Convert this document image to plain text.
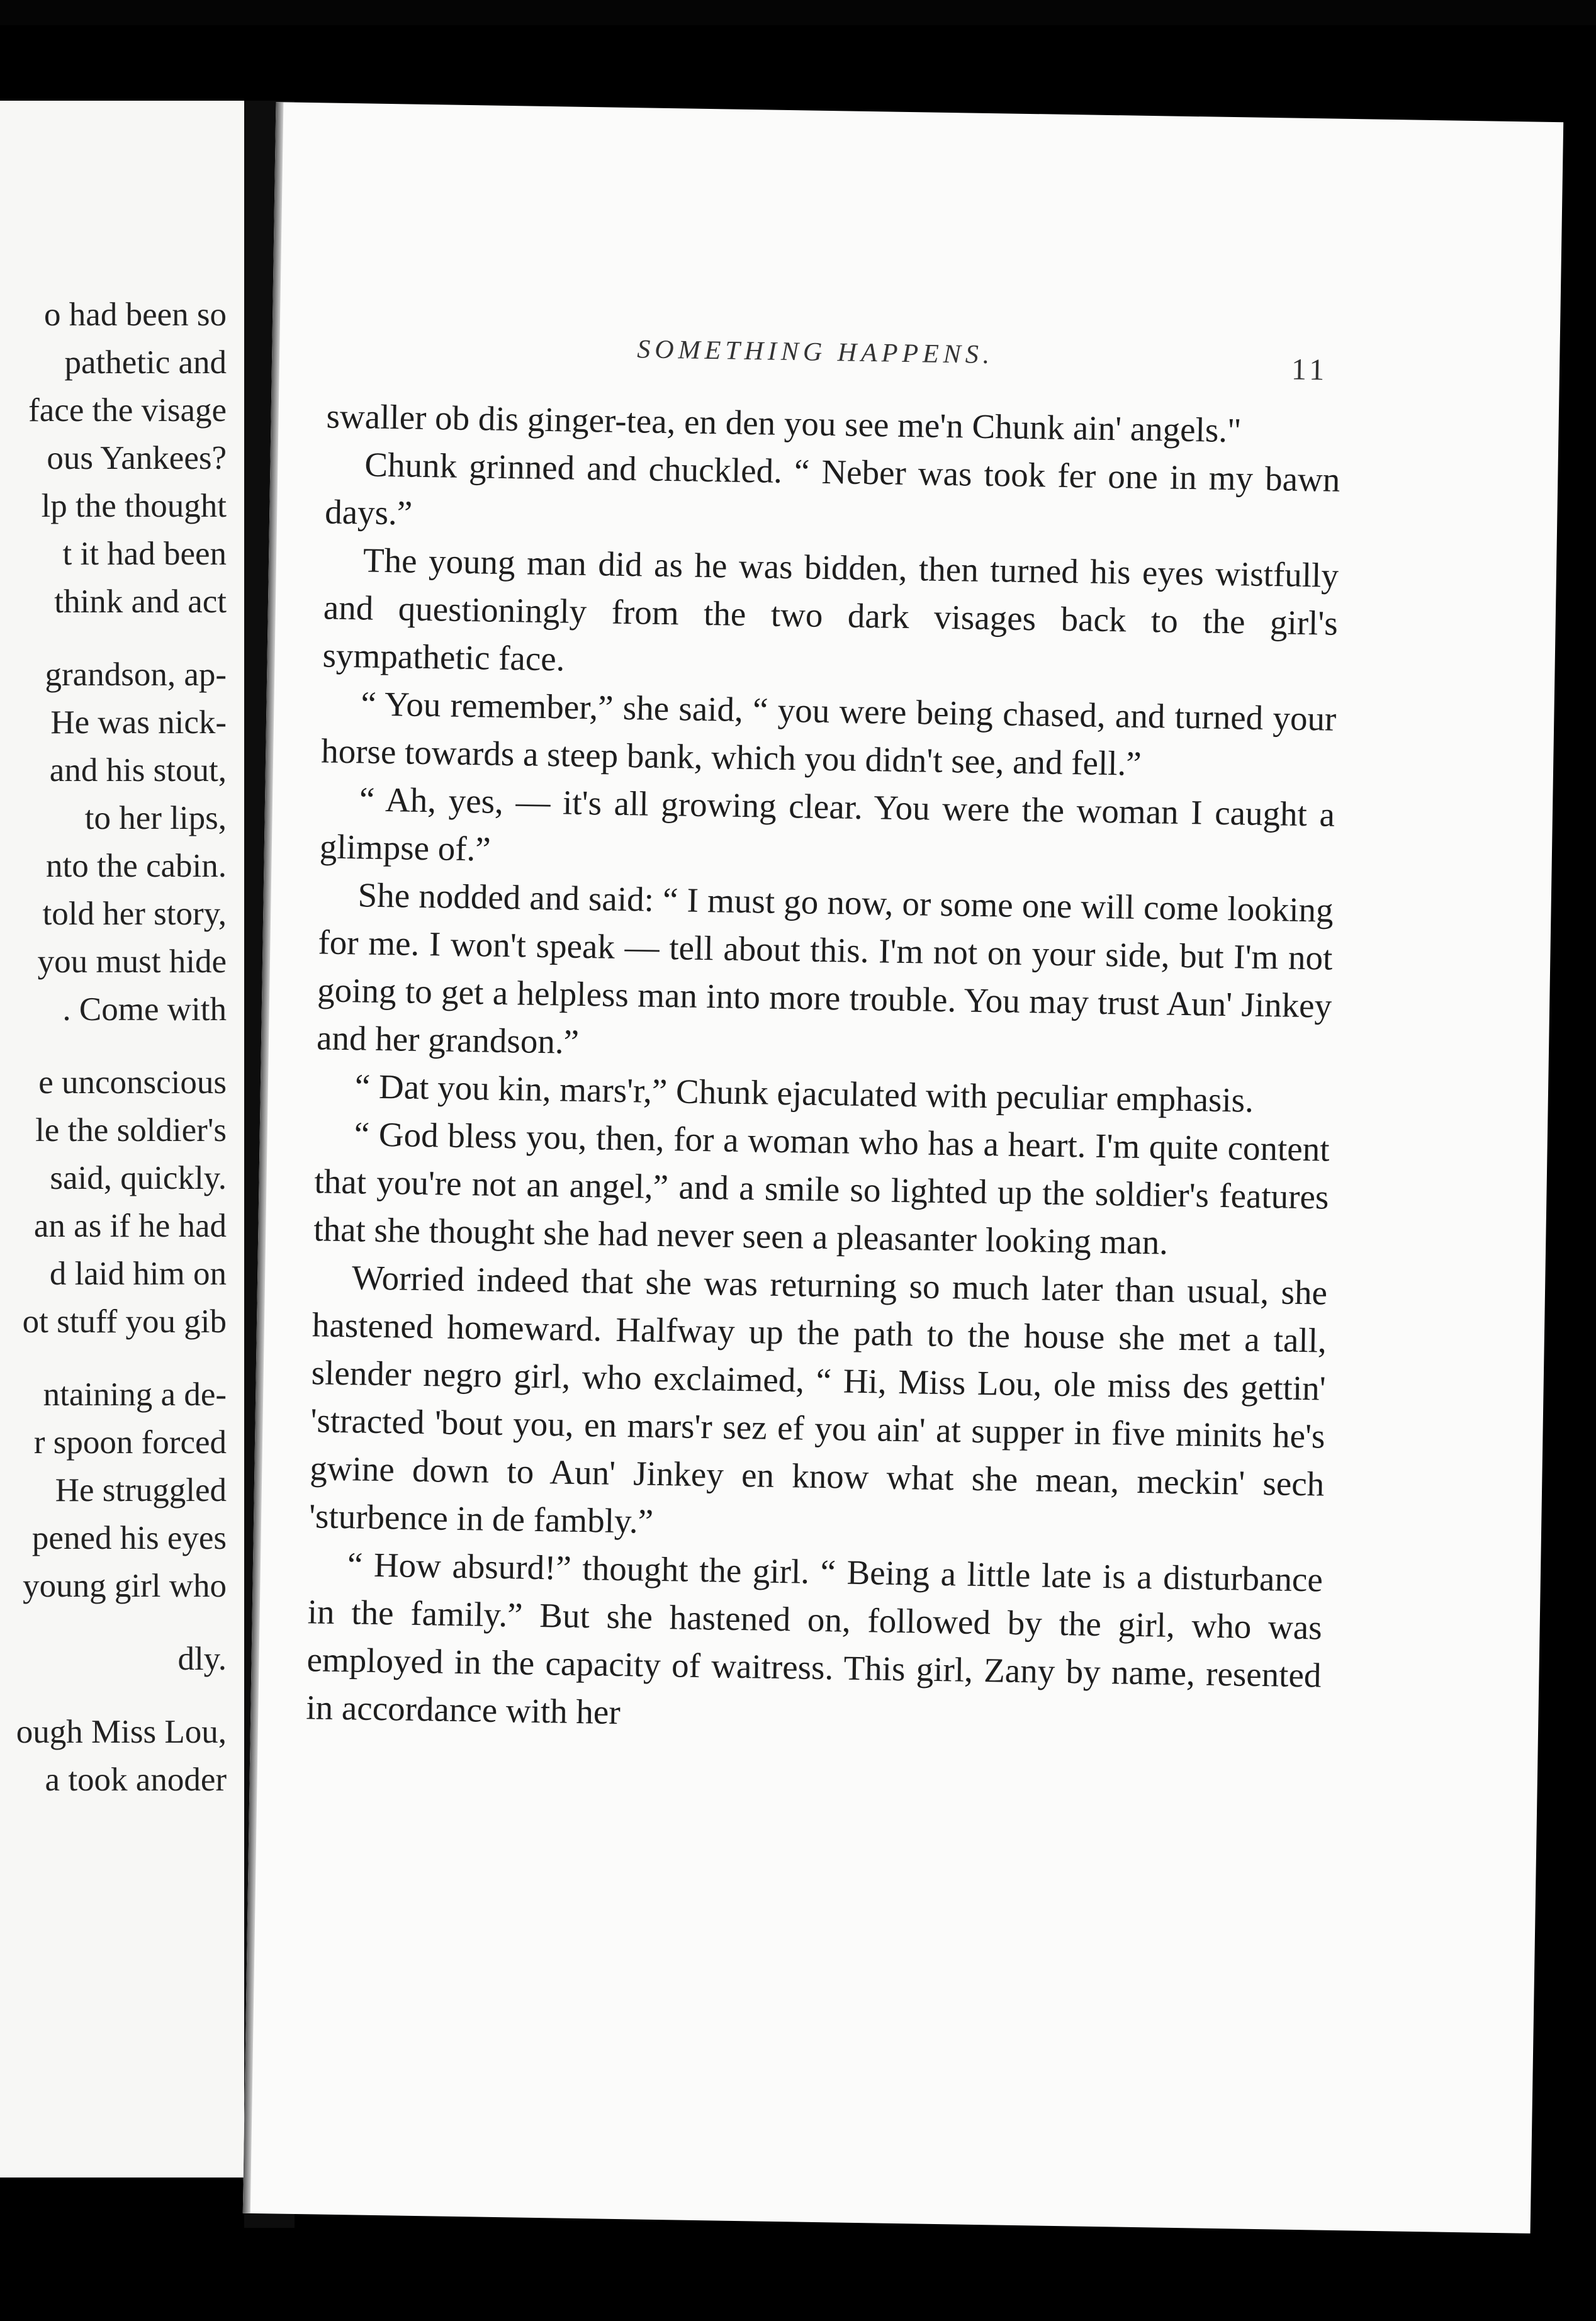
o had been so
pathetic and
face the visage
ous Yankees?
lp the thought
t it had been
think and act
grandson, ap-
He was nick-
and his stout,
to her lips,
nto the cabin.
told her story,
you must hide
. Come with
e unconscious
le the soldier's
said, quickly.
an as if he had
d laid him on
ot stuff you gib
ntaining a de-
r spoon forced
He struggled
pened his eyes
young girl who
dly.
ough Miss Lou,
a took anoder
SOMETHING HAPPENS.
11

swaller ob dis ginger-tea, en den you see me'n Chunk ain' angels."

Chunk grinned and chuckled. “ Neber was took fer one in my bawn days.”

The young man did as he was bidden, then turned his eyes wistfully and questioningly from the two dark visages back to the girl's sympathetic face.

“ You remember,” she said, “ you were being chased, and turned your horse towards a steep bank, which you didn't see, and fell.”

“ Ah, yes, — it's all growing clear. You were the woman I caught a glimpse of.”

She nodded and said: “ I must go now, or some one will come looking for me. I won't speak — tell about this. I'm not on your side, but I'm not going to get a helpless man into more trouble. You may trust Aun' Jinkey and her grandson.”

“ Dat you kin, mars'r,” Chunk ejaculated with peculiar emphasis.

“ God bless you, then, for a woman who has a heart. I'm quite content that you're not an angel,” and a smile so lighted up the soldier's features that she thought she had never seen a pleasanter looking man.

Worried indeed that she was returning so much later than usual, she hastened homeward. Halfway up the path to the house she met a tall, slender negro girl, who exclaimed, “ Hi, Miss Lou, ole miss des gettin' 'stracted 'bout you, en mars'r sez ef you ain' at supper in five minits he's gwine down to Aun' Jinkey en know what she mean, meckin' sech 'sturbence in de fambly.”

“ How absurd!” thought the girl. “ Being a little late is a disturbance in the family.” But she hastened on, followed by the girl, who was employed in the capacity of waitress. This girl, Zany by name, resented in accordance with her
